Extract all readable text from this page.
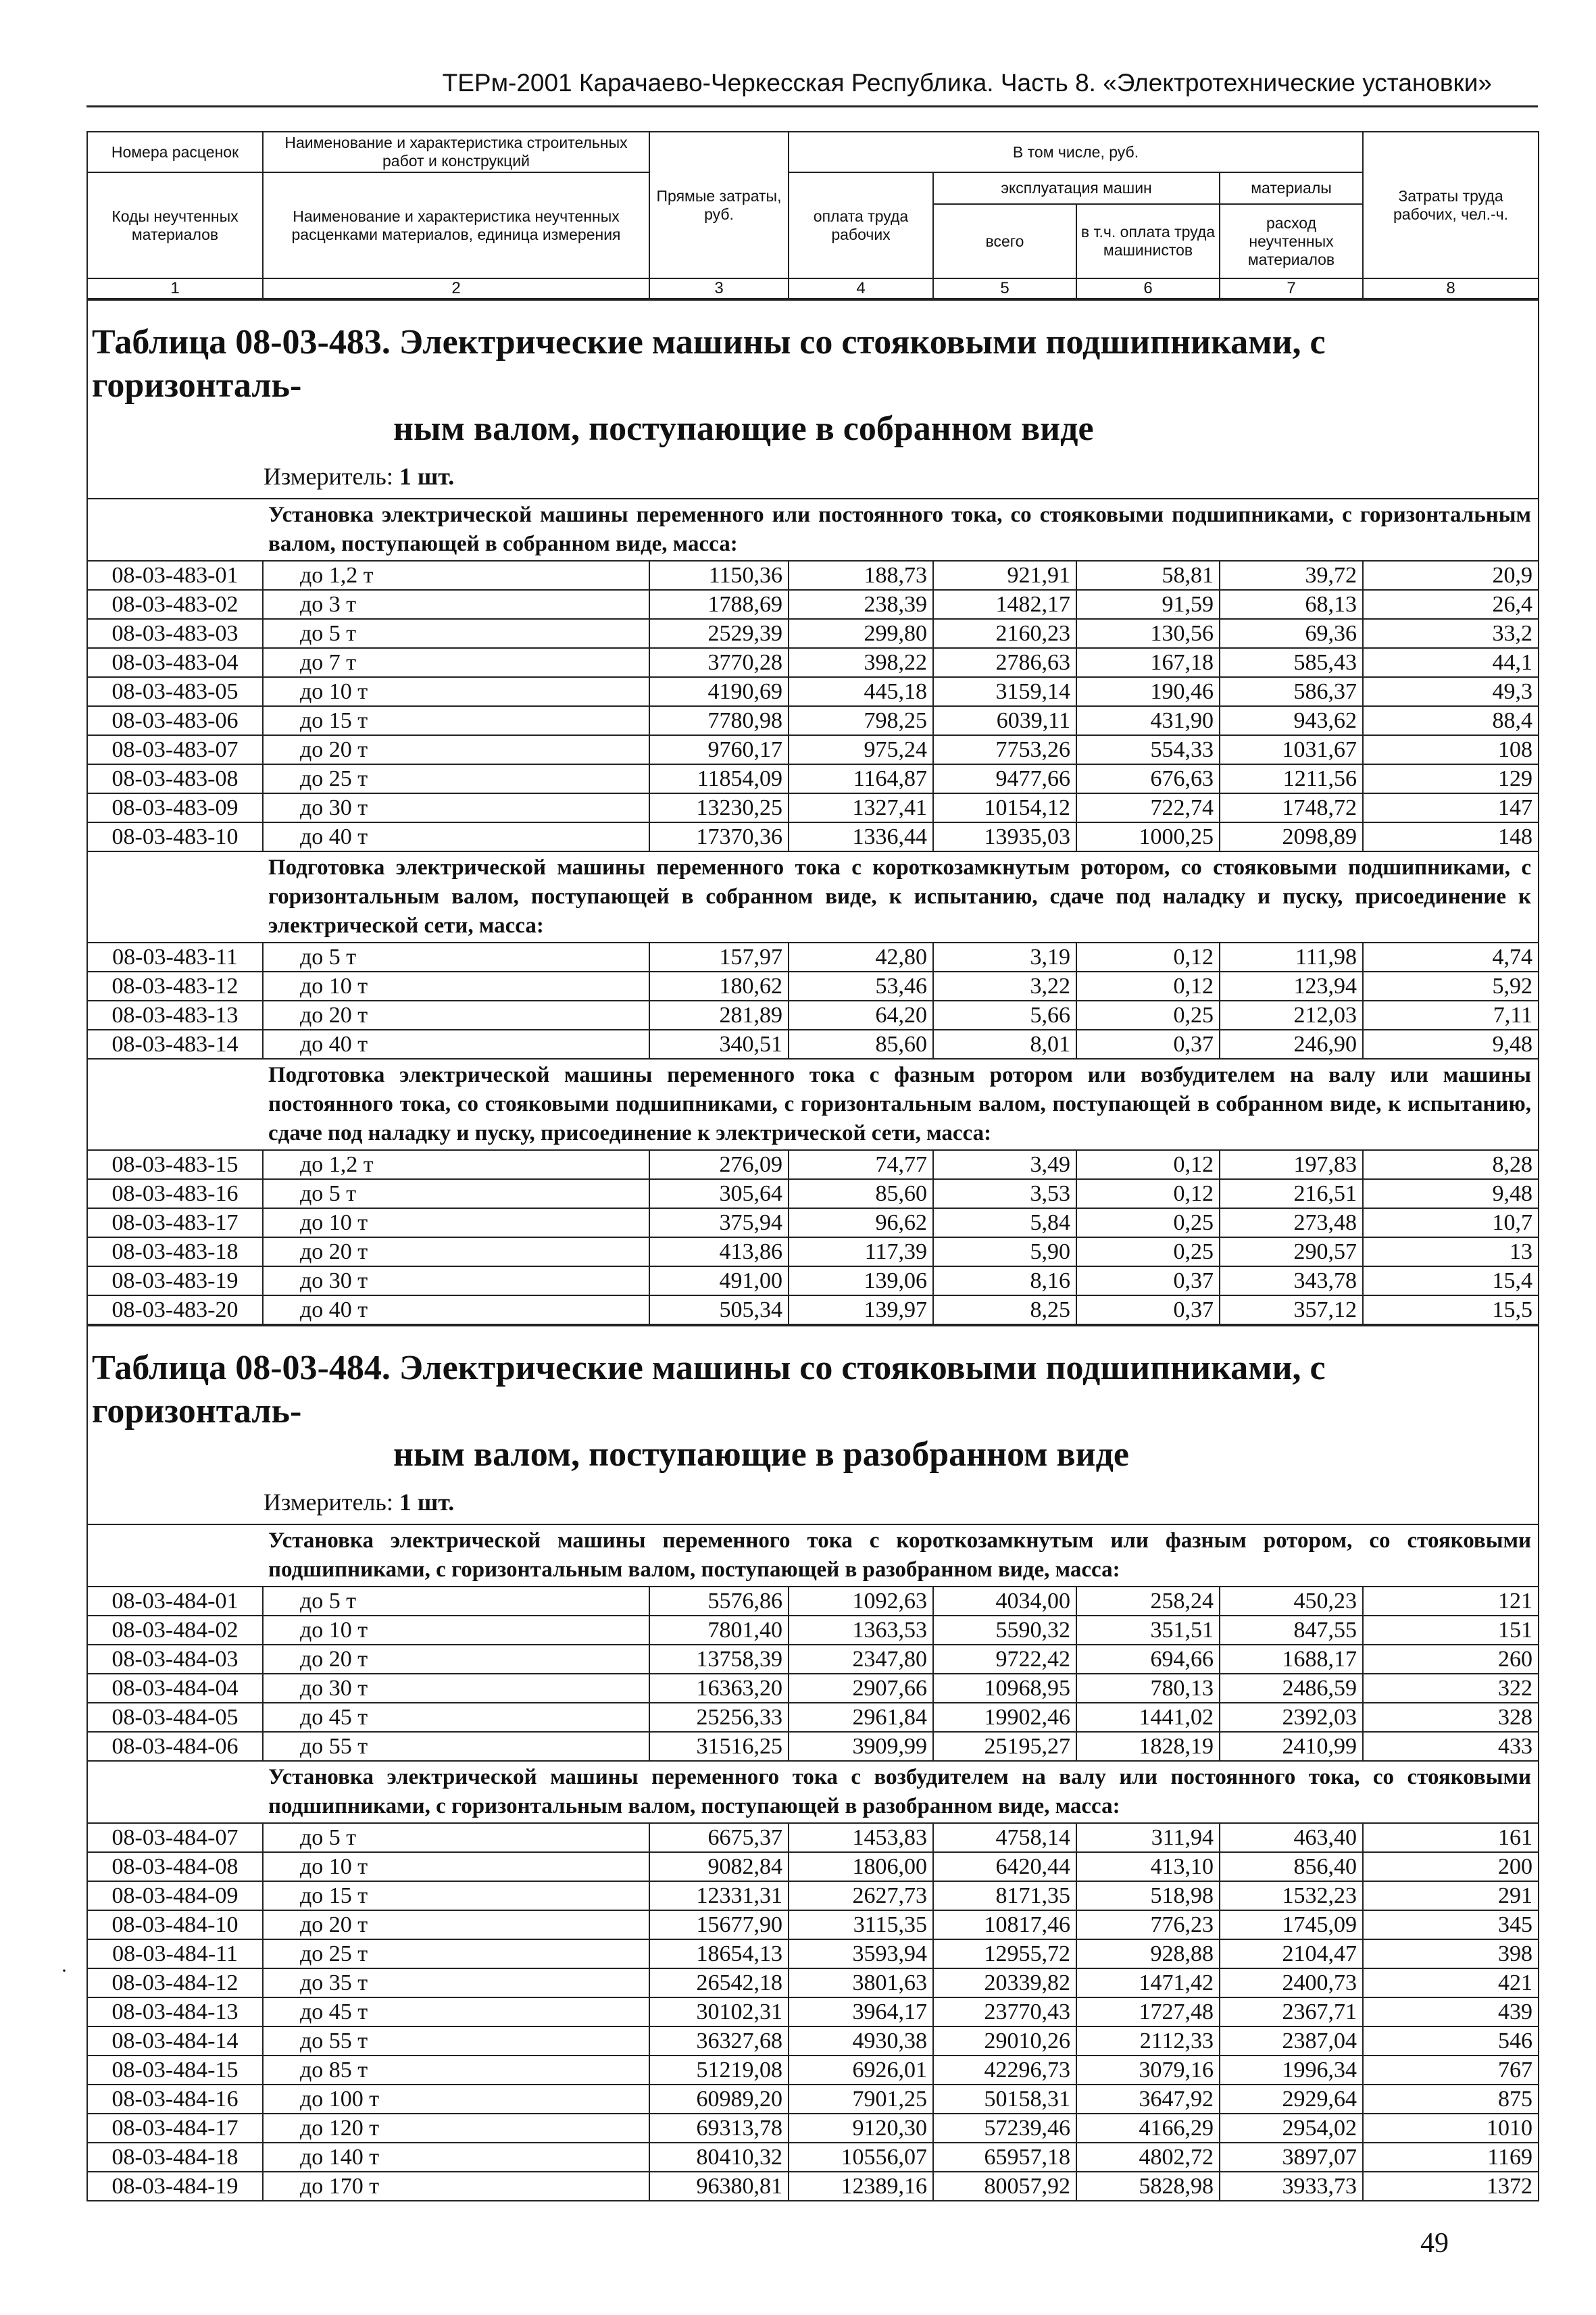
ТЕРм-2001 Карачаево-Черкесская Республика. Часть 8. «Электротехнические установки»
Номера расценок	Наименование и характеристика строительных работ и конструкций	Прямые затраты, руб.	В том числе, руб.				Затраты труда рабочих, чел.-ч.
Коды неучтенных материалов	Наименование и характеристика неучтенных расценками материалов, единица измерения		оплата труда рабочих	эксплуатация машин		материалы	
				всего	в т.ч. оплата труда машинистов	расход неучтенных материалов	
1	2	3	4	5	6	7	8
Таблица 08-03-483. Электрические машины со стояковыми подшипниками, с горизонталь-
ным валом, поступающие в собранном виде
Измеритель: 1 шт.							

	Установка электрической машины переменного или постоянного тока, со стояковыми подшипниками, с горизонтальным валом, поступающей в собранном виде, масса:						
08-03-483-01	до 1,2 т	1150,36	188,73	921,91	58,81	39,72	20,9
08-03-483-02	до 3 т	1788,69	238,39	1482,17	91,59	68,13	26,4
08-03-483-03	до 5 т	2529,39	299,80	2160,23	130,56	69,36	33,2
08-03-483-04	до 7 т	3770,28	398,22	2786,63	167,18	585,43	44,1
08-03-483-05	до 10 т	4190,69	445,18	3159,14	190,46	586,37	49,3
08-03-483-06	до 15 т	7780,98	798,25	6039,11	431,90	943,62	88,4
08-03-483-07	до 20 т	9760,17	975,24	7753,26	554,33	1031,67	108
08-03-483-08	до 25 т	11854,09	1164,87	9477,66	676,63	1211,56	129
08-03-483-09	до 30 т	13230,25	1327,41	10154,12	722,74	1748,72	147
08-03-483-10	до 40 т	17370,36	1336,44	13935,03	1000,25	2098,89	148
	Подготовка электрической машины переменного тока с короткозамкнутым ротором, со стояковыми подшипниками, с горизонтальным валом, поступающей в собранном виде, к испытанию, сдаче под наладку и пуску, присоединение к электрической сети, масса:						
08-03-483-11	до 5 т	157,97	42,80	3,19	0,12	111,98	4,74
08-03-483-12	до 10 т	180,62	53,46	3,22	0,12	123,94	5,92
08-03-483-13	до 20 т	281,89	64,20	5,66	0,25	212,03	7,11
08-03-483-14	до 40 т	340,51	85,60	8,01	0,37	246,90	9,48
	Подготовка электрической машины переменного тока с фазным ротором или возбудителем на валу или машины постоянного тока, со стояковыми подшипниками, с горизонтальным валом, поступающей в собранном виде, к испытанию, сдаче под наладку и пуску, присоединение к электрической сети, масса:						
08-03-483-15	до 1,2 т	276,09	74,77	3,49	0,12	197,83	8,28
08-03-483-16	до 5 т	305,64	85,60	3,53	0,12	216,51	9,48
08-03-483-17	до 10 т	375,94	96,62	5,84	0,25	273,48	10,7
08-03-483-18	до 20 т	413,86	117,39	5,90	0,25	290,57	13
08-03-483-19	до 30 т	491,00	139,06	8,16	0,37	343,78	15,4
08-03-483-20	до 40 т	505,34	139,97	8,25	0,37	357,12	15,5
Таблица 08-03-484. Электрические машины со стояковыми подшипниками, с горизонталь-
ным валом, поступающие в разобранном виде
Измеритель: 1 шт.							

	Установка электрической машины переменного тока с короткозамкнутым или фазным ротором, со стояковыми подшипниками, с горизонтальным валом, поступающей в разобранном виде, масса:						
08-03-484-01	до 5 т	5576,86	1092,63	4034,00	258,24	450,23	121
08-03-484-02	до 10 т	7801,40	1363,53	5590,32	351,51	847,55	151
08-03-484-03	до 20 т	13758,39	2347,80	9722,42	694,66	1688,17	260
08-03-484-04	до 30 т	16363,20	2907,66	10968,95	780,13	2486,59	322
08-03-484-05	до 45 т	25256,33	2961,84	19902,46	1441,02	2392,03	328
08-03-484-06	до 55 т	31516,25	3909,99	25195,27	1828,19	2410,99	433
	Установка электрической машины переменного тока с возбудителем на валу или постоянного тока, со стояковыми подшипниками, с горизонтальным валом, поступающей в разобранном виде, масса:						
08-03-484-07	до 5 т	6675,37	1453,83	4758,14	311,94	463,40	161
08-03-484-08	до 10 т	9082,84	1806,00	6420,44	413,10	856,40	200
08-03-484-09	до 15 т	12331,31	2627,73	8171,35	518,98	1532,23	291
08-03-484-10	до 20 т	15677,90	3115,35	10817,46	776,23	1745,09	345
08-03-484-11	до 25 т	18654,13	3593,94	12955,72	928,88	2104,47	398
08-03-484-12	до 35 т	26542,18	3801,63	20339,82	1471,42	2400,73	421
08-03-484-13	до 45 т	30102,31	3964,17	23770,43	1727,48	2367,71	439
08-03-484-14	до 55 т	36327,68	4930,38	29010,26	2112,33	2387,04	546
08-03-484-15	до 85 т	51219,08	6926,01	42296,73	3079,16	1996,34	767
08-03-484-16	до 100 т	60989,20	7901,25	50158,31	3647,92	2929,64	875
08-03-484-17	до 120 т	69313,78	9120,30	57239,46	4166,29	2954,02	1010
08-03-484-18	до 140 т	80410,32	10556,07	65957,18	4802,72	3897,07	1169
08-03-484-19	до 170 т	96380,81	12389,16	80057,92	5828,98	3933,73	1372
·
49
